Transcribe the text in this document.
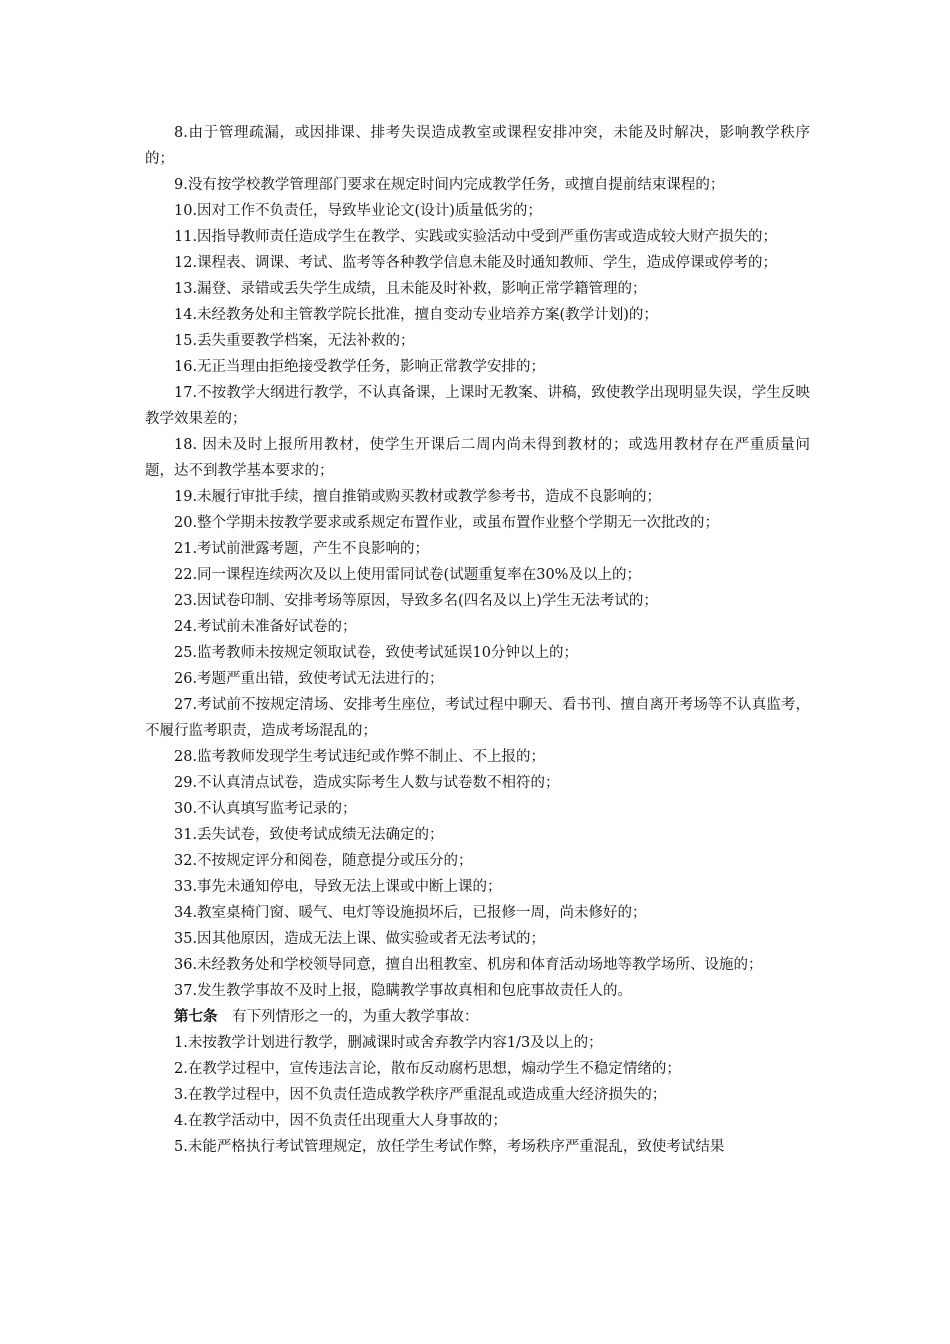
8.由于管理疏漏，或因排课、排考失误造成教室或课程安排冲突，未能及时解决，影响教学秩序的；

9.没有按学校教学管理部门要求在规定时间内完成教学任务，或擅自提前结束课程的；

10.因对工作不负责任，导致毕业论文(设计)质量低劣的；

11.因指导教师责任造成学生在教学、实践或实验活动中受到严重伤害或造成较大财产损失的；

12.课程表、调课、考试、监考等各种教学信息未能及时通知教师、学生，造成停课或停考的；

13.漏登、录错或丢失学生成绩，且未能及时补救，影响正常学籍管理的；

14.未经教务处和主管教学院长批准，擅自变动专业培养方案(教学计划)的；

15.丢失重要教学档案，无法补救的；

16.无正当理由拒绝接受教学任务，影响正常教学安排的；

17.不按教学大纲进行教学，不认真备课，上课时无教案、讲稿，致使教学出现明显失误，学生反映教学效果差的；

18. 因未及时上报所用教材，使学生开课后二周内尚未得到教材的；或选用教材存在严重质量问题，达不到教学基本要求的；

19.未履行审批手续，擅自推销或购买教材或教学参考书，造成不良影响的；

20.整个学期未按教学要求或系规定布置作业，或虽布置作业整个学期无一次批改的；

21.考试前泄露考题，产生不良影响的；

22.同一课程连续两次及以上使用雷同试卷(试题重复率在30%及以上的；

23.因试卷印制、安排考场等原因，导致多名(四名及以上)学生无法考试的；

24.考试前未准备好试卷的；

25.监考教师未按规定领取试卷，致使考试延误10分钟以上的；

26.考题严重出错，致使考试无法进行的；

27.考试前不按规定清场、安排考生座位，考试过程中聊天、看书刊、擅自离开考场等不认真监考，不履行监考职责，造成考场混乱的；

28.监考教师发现学生考试违纪或作弊不制止、不上报的；

29.不认真清点试卷，造成实际考生人数与试卷数不相符的；

30.不认真填写监考记录的；

31.丢失试卷，致使考试成绩无法确定的；

32.不按规定评分和阅卷，随意提分或压分的；

33.事先未通知停电，导致无法上课或中断上课的；

34.教室桌椅门窗、暖气、电灯等设施损坏后，已报修一周，尚未修好的；

35.因其他原因，造成无法上课、做实验或者无法考试的；

36.未经教务处和学校领导同意，擅自出租教室、机房和体育活动场地等教学场所、设施的；

37.发生教学事故不及时上报，隐瞒教学事故真相和包庇事故责任人的。

第七条　有下列情形之一的，为重大教学事故：

1.未按教学计划进行教学，删减课时或舍弃教学内容1/3及以上的；

2.在教学过程中，宣传违法言论，散布反动腐朽思想，煽动学生不稳定情绪的；

3.在教学过程中，因不负责任造成教学秩序严重混乱或造成重大经济损失的；

4.在教学活动中，因不负责任出现重大人身事故的；

5.未能严格执行考试管理规定，放任学生考试作弊，考场秩序严重混乱，致使考试结果
